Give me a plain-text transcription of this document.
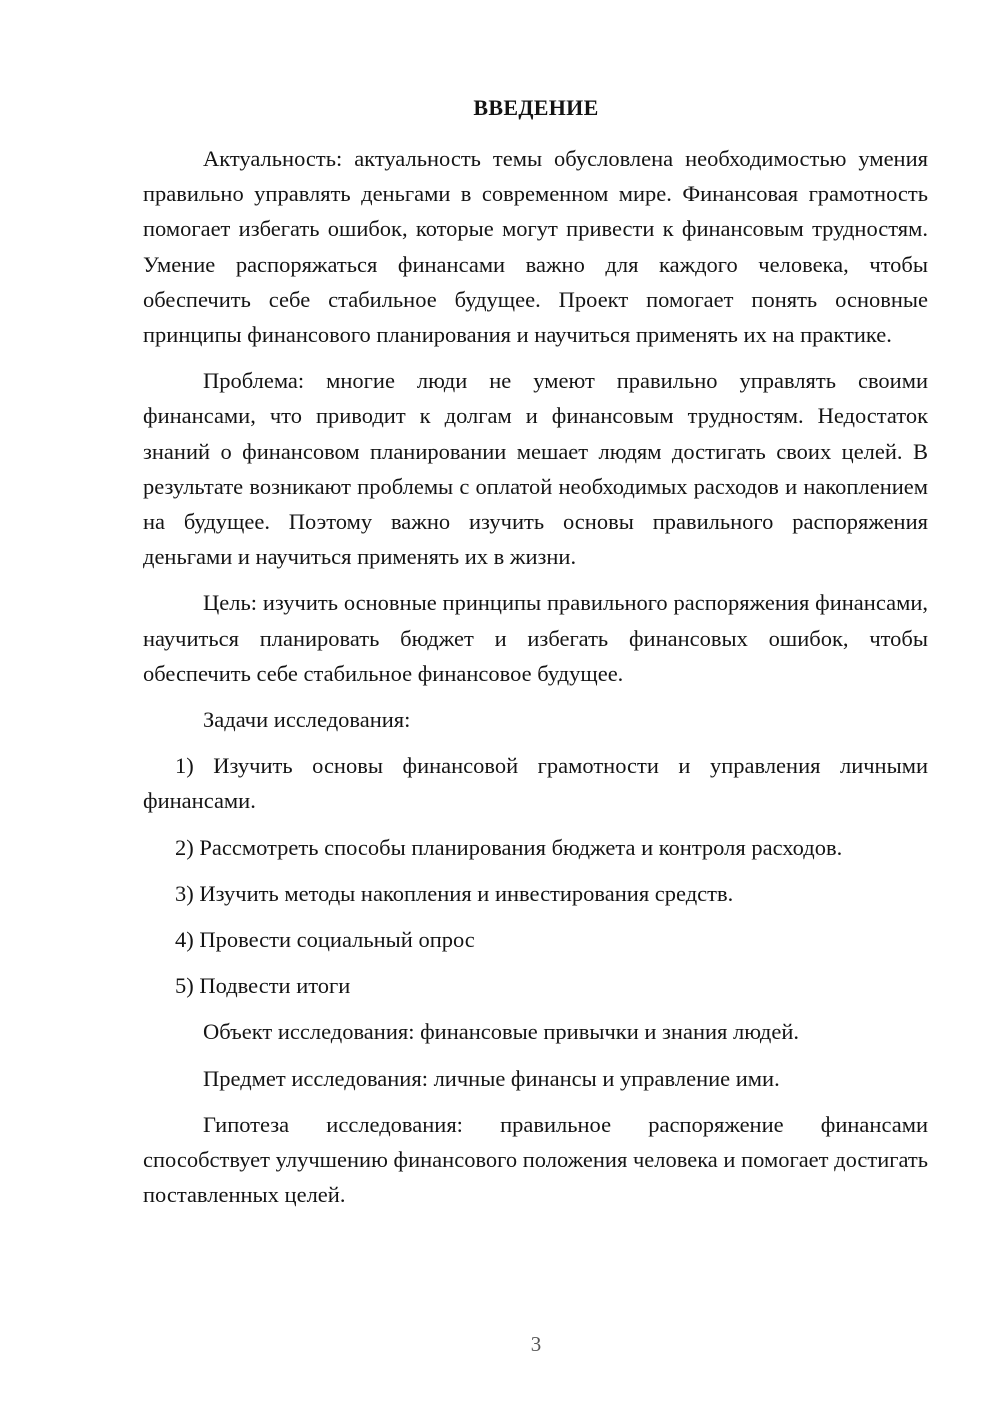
ВВЕДЕНИЕ

Актуальность: актуальность темы обусловлена необходимостью умения правильно управлять деньгами в современном мире. Финансовая грамотность помогает избегать ошибок, которые могут привести к финансовым трудностям. Умение распоряжаться финансами важно для каждого человека, чтобы обеспечить себе стабильное будущее. Проект помогает понять основные принципы финансового планирования и научиться применять их на практике.

Проблема: многие люди не умеют правильно управлять своими финансами, что приводит к долгам и финансовым трудностям. Недостаток знаний о финансовом планировании мешает людям достигать своих целей. В результате возникают проблемы с оплатой необходимых расходов и накоплением на будущее. Поэтому важно изучить основы правильного распоряжения деньгами и научиться применять их в жизни.

Цель: изучить основные принципы правильного распоряжения финансами, научиться планировать бюджет и избегать финансовых ошибок, чтобы обеспечить себе стабильное финансовое будущее.

Задачи исследования:

1) Изучить основы финансовой грамотности и управления личными финансами.

2) Рассмотреть способы планирования бюджета и контроля расходов.

3) Изучить методы накопления и инвестирования средств.

4) Провести социальный опрос

5) Подвести итоги

Объект исследования: финансовые привычки и знания людей.

Предмет исследования: личные финансы и управление ими.

Гипотеза исследования: правильное распоряжение финансами способствует улучшению финансового положения человека и помогает достигать поставленных целей.

3
